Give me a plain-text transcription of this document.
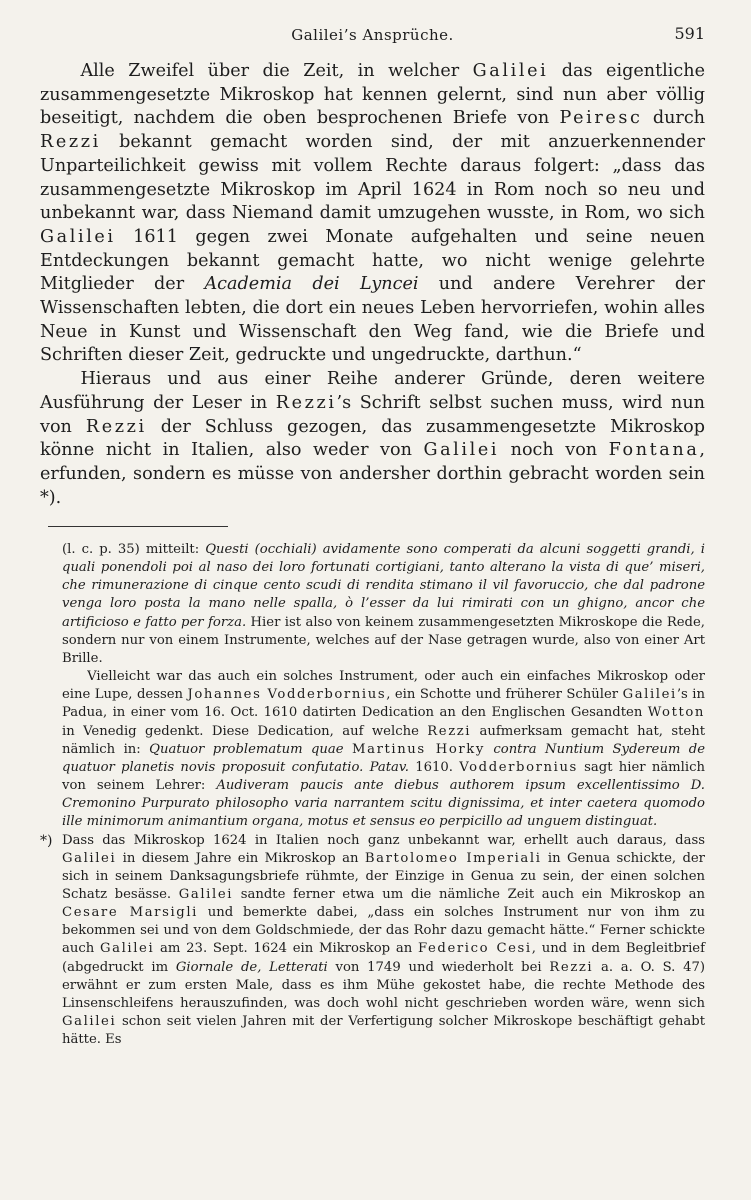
Galilei’s Ansprüche.	591

Alle Zweifel über die Zeit, in welcher Galilei das eigentliche zusammengesetzte Mikroskop hat kennen gelernt, sind nun aber völlig beseitigt, nachdem die oben besprochenen Briefe von Peiresc durch Rezzi bekannt gemacht worden sind, der mit anzuerkennender Unparteilichkeit gewiss mit vollem Rechte daraus folgert: „dass das zusammengesetzte Mikroskop im April 1624 in Rom noch so neu und unbekannt war, dass Niemand damit umzugehen wusste, in Rom, wo sich Galilei 1611 gegen zwei Monate aufgehalten und seine neuen Entdeckungen bekannt gemacht hatte, wo nicht wenige gelehrte Mitglieder der Academia dei Lyncei und andere Verehrer der Wissenschaften lebten, die dort ein neues Leben hervorriefen, wohin alles Neue in Kunst und Wissenschaft den Weg fand, wie die Briefe und Schriften dieser Zeit, gedruckte und ungedruckte, darthun.“

Hieraus und aus einer Reihe anderer Gründe, deren weitere Ausführung der Leser in Rezzi’s Schrift selbst suchen muss, wird nun von Rezzi der Schluss gezogen, das zusammengesetzte Mikroskop könne nicht in Italien, also weder von Galilei noch von Fontana, erfunden, sondern es müsse von andersher dorthin gebracht worden sein *).

(l. c. p. 35) mitteilt: Questi (occhiali) avidamente sono comperati da alcuni soggetti grandi, i quali ponendoli poi al naso dei loro fortunati cortigiani, tanto alterano la vista di que’ miseri, che rimunerazione di cinque cento scudi di rendita stimano il vil favoruccio, che dal padrone venga loro posta la mano nelle spalla, ò l’esser da lui rimirati con un ghigno, ancor che artificioso e fatto per forza. Hier ist also von keinem zusammengesetzten Mikroskope die Rede, sondern nur von einem Instrumente, welches auf der Nase getragen wurde, also von einer Art Brille.

Vielleicht war das auch ein solches Instrument, oder auch ein einfaches Mikroskop oder eine Lupe, dessen Johannes Vodderbornius, ein Schotte und früherer Schüler Galilei’s in Padua, in einer vom 16. Oct. 1610 datirten Dedication an den Englischen Gesandten Wotton in Venedig gedenkt. Diese Dedication, auf welche Rezzi aufmerksam gemacht hat, steht nämlich in: Quatuor problematum quae Martinus Horky contra Nuntium Sydereum de quatuor planetis novis proposuit confutatio. Patav. 1610. Vodderbornius sagt hier nämlich von seinem Lehrer: Audiveram paucis ante diebus authorem ipsum excellentissimo D. Cremonino Purpurato philosopho varia narrantem scitu dignissima, et inter caetera quomodo ille minimorum animantium organa, motus et sensus eo perpicillo ad unguem distinguat.

*) Dass das Mikroskop 1624 in Italien noch ganz unbekannt war, erhellt auch daraus, dass Galilei in diesem Jahre ein Mikroskop an Bartolomeo Imperiali in Genua schickte, der sich in seinem Danksagungsbriefe rühmte, der Einzige in Genua zu sein, der einen solchen Schatz besässe. Galilei sandte ferner etwa um die nämliche Zeit auch ein Mikroskop an Cesare Marsigli und bemerkte dabei, „dass ein solches Instrument nur von ihm zu bekommen sei und von dem Goldschmiede, der das Rohr dazu gemacht hätte.“ Ferner schickte auch Galilei am 23. Sept. 1624 ein Mikroskop an Federico Cesi, und in dem Begleitbrief (abgedruckt im Giornale de, Letterati von 1749 und wiederholt bei Rezzi a. a. O. S. 47) erwähnt er zum ersten Male, dass es ihm Mühe gekostet habe, die rechte Methode des Linsenschleifens herauszufinden, was doch wohl nicht geschrieben worden wäre, wenn sich Galilei schon seit vielen Jahren mit der Verfertigung solcher Mikroskope beschäftigt gehabt hätte. Es
